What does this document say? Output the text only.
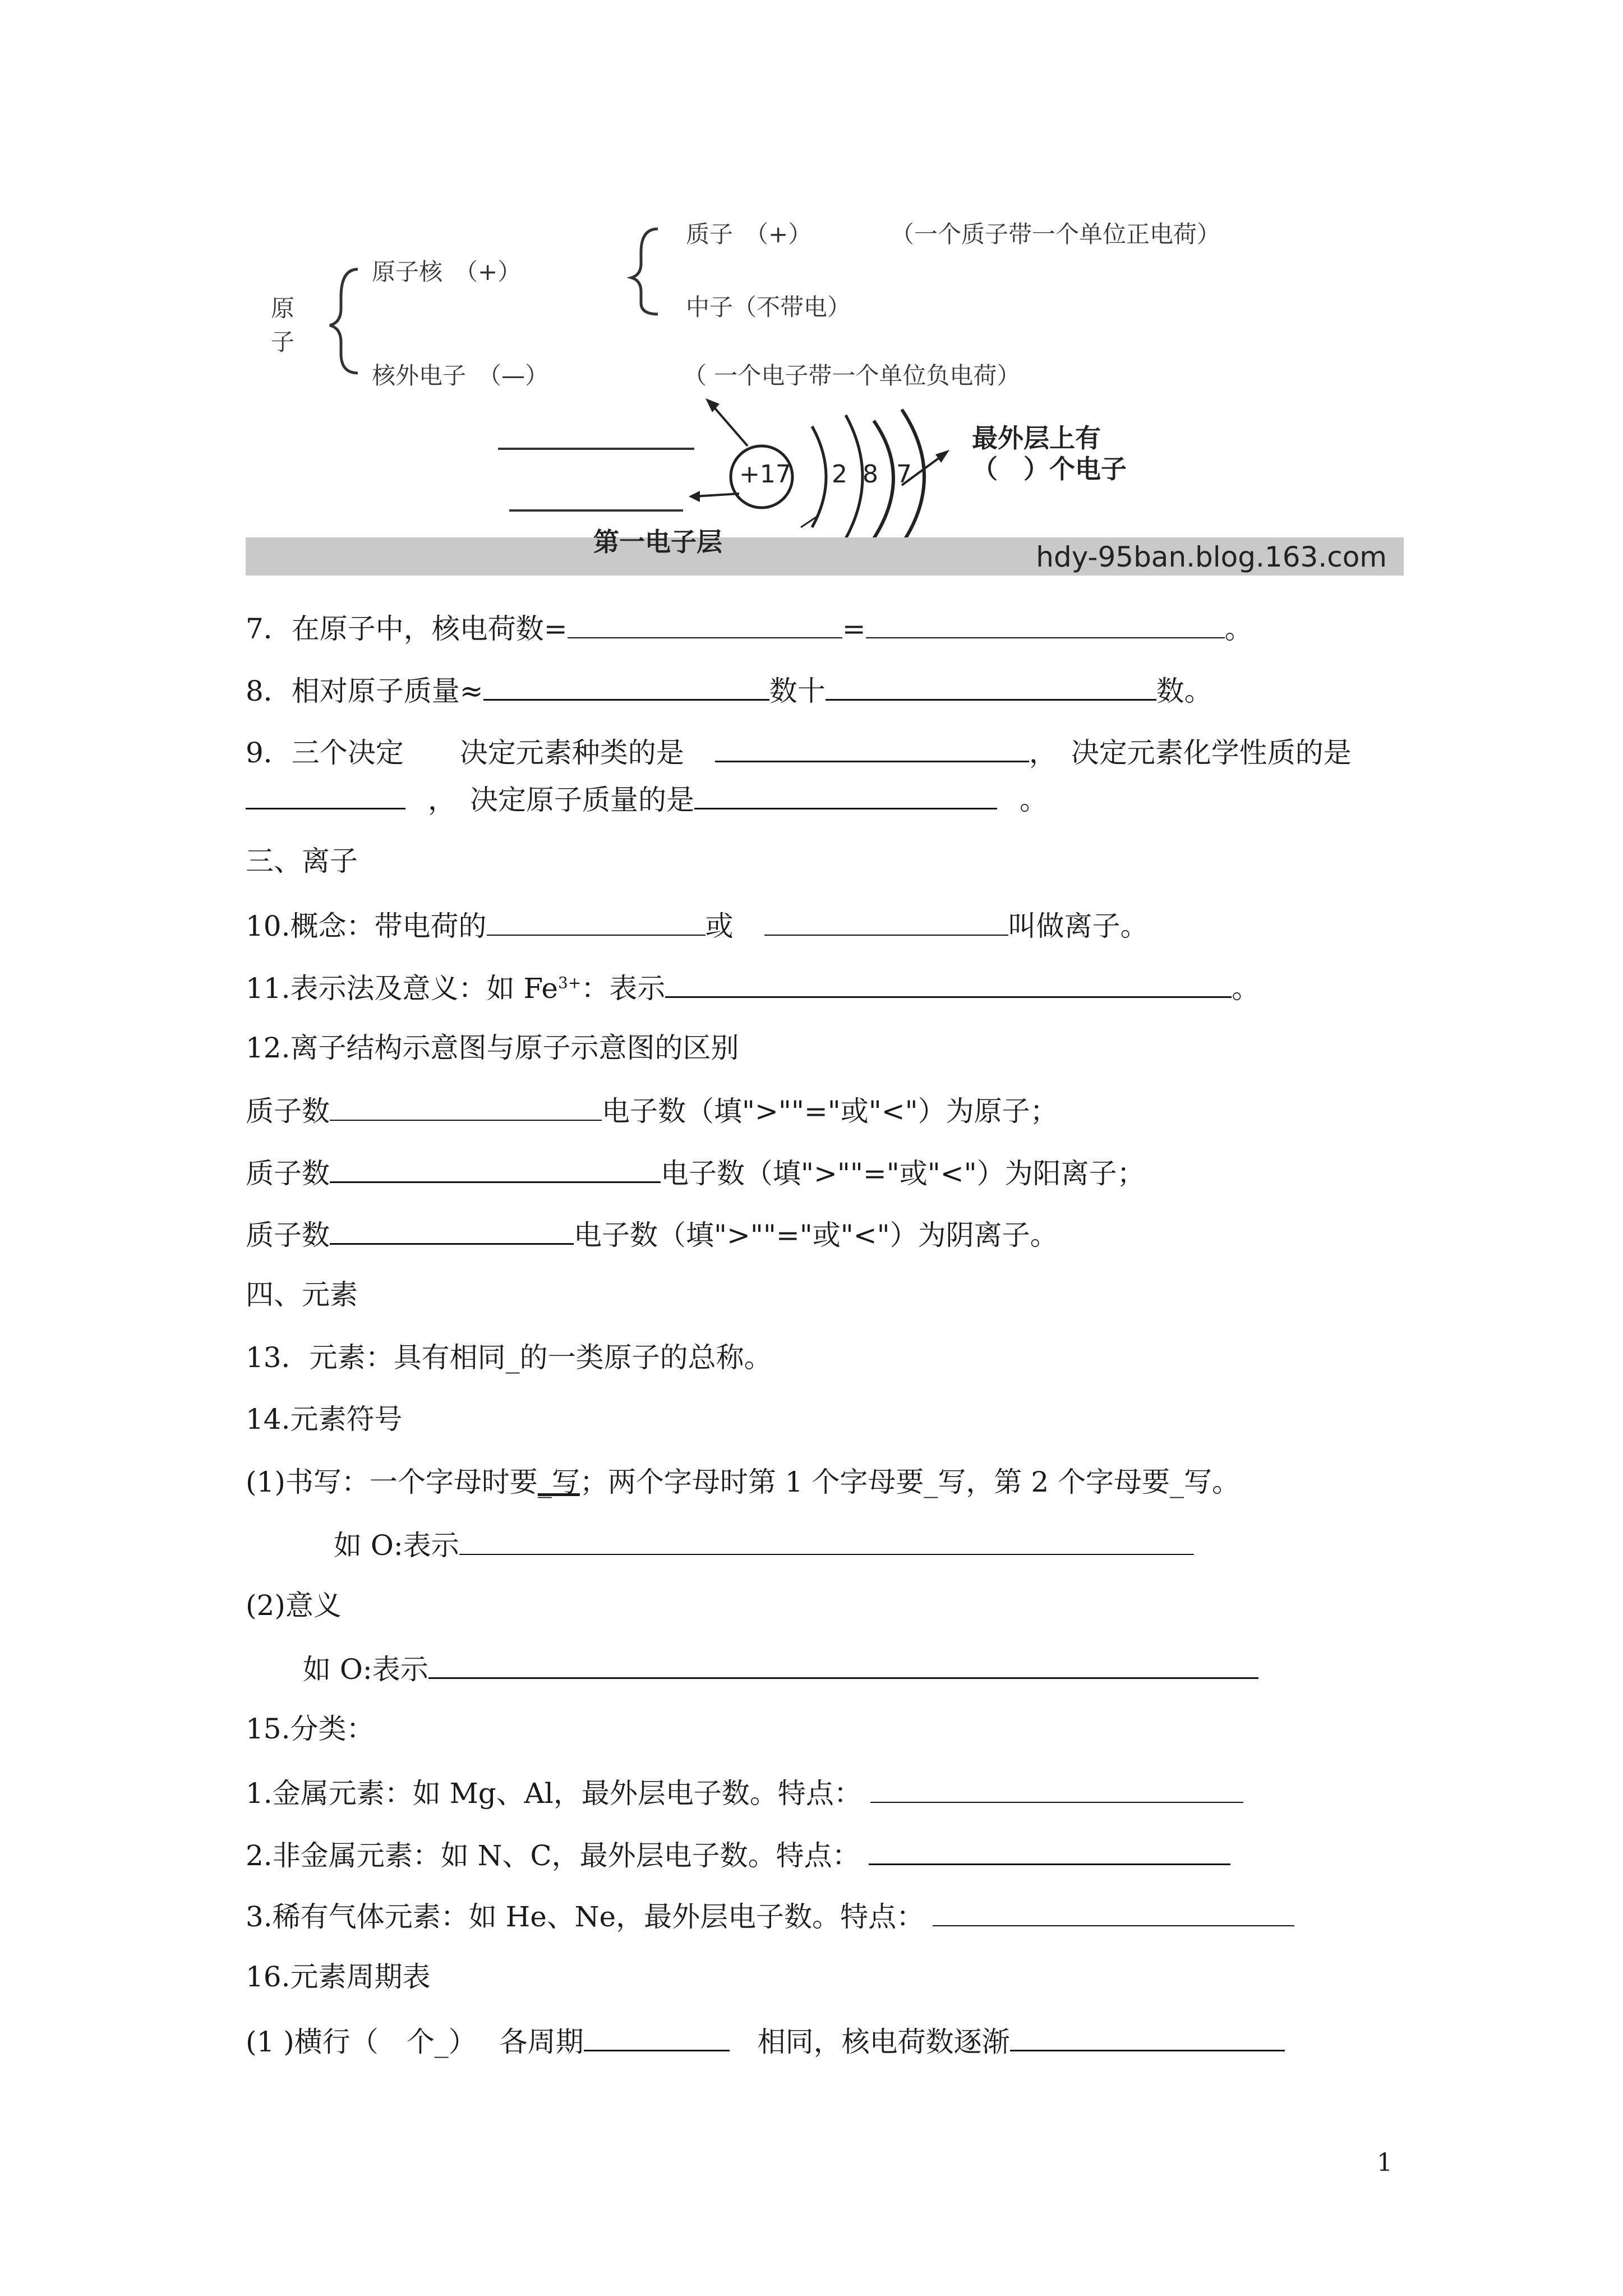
原
子
原子核　（+）
质子　（+）	（一个质子带一个单位正电荷）
中子（不带电）
核外电子　（—）	（ 一个电子带一个单位负电荷）
+17 2 8 7
最外层上有
（　）个电子
第一电子层	hdy-95ban.blog.163.com
7．在原子中，核电荷数=	=	。
8．相对原子质量≈	数十	数。
9．三个决定　　决定元素种类的是	，　决定元素化学性质的是
，　决定原子质量的是	。
三、离子
10.概念：带电荷的	或	叫做离子。
11.表示法及意义：如 $Fe^{3+}$：表示	。
12.离子结构示意图与原子示意图的区别
质子数	电子数（填">""="或"<"）为原子；
质子数	电子数（填">""="或"<"）为阳离子；
质子数	电子数（填">""="或"<"）为阴离子。
四、元素
13．元素：具有相同_的一类原子的总称。
14.元素符号
(1)书写：一个字母时要_写；两个字母时第 1 个字母要_写，第 2 个字母要_写。
如 O:表示
(2)意义
如 O:表示
15.分类：
1.金属元素：如 Mg、Al，最外层电子数。特点：
2.非金属元素：如 N、C，最外层电子数。特点：
3.稀有气体元素：如 He、Ne，最外层电子数。特点：
16.元素周期表
(1 )横行（　个_）　 各周期	　相同，核电荷数逐渐
1
